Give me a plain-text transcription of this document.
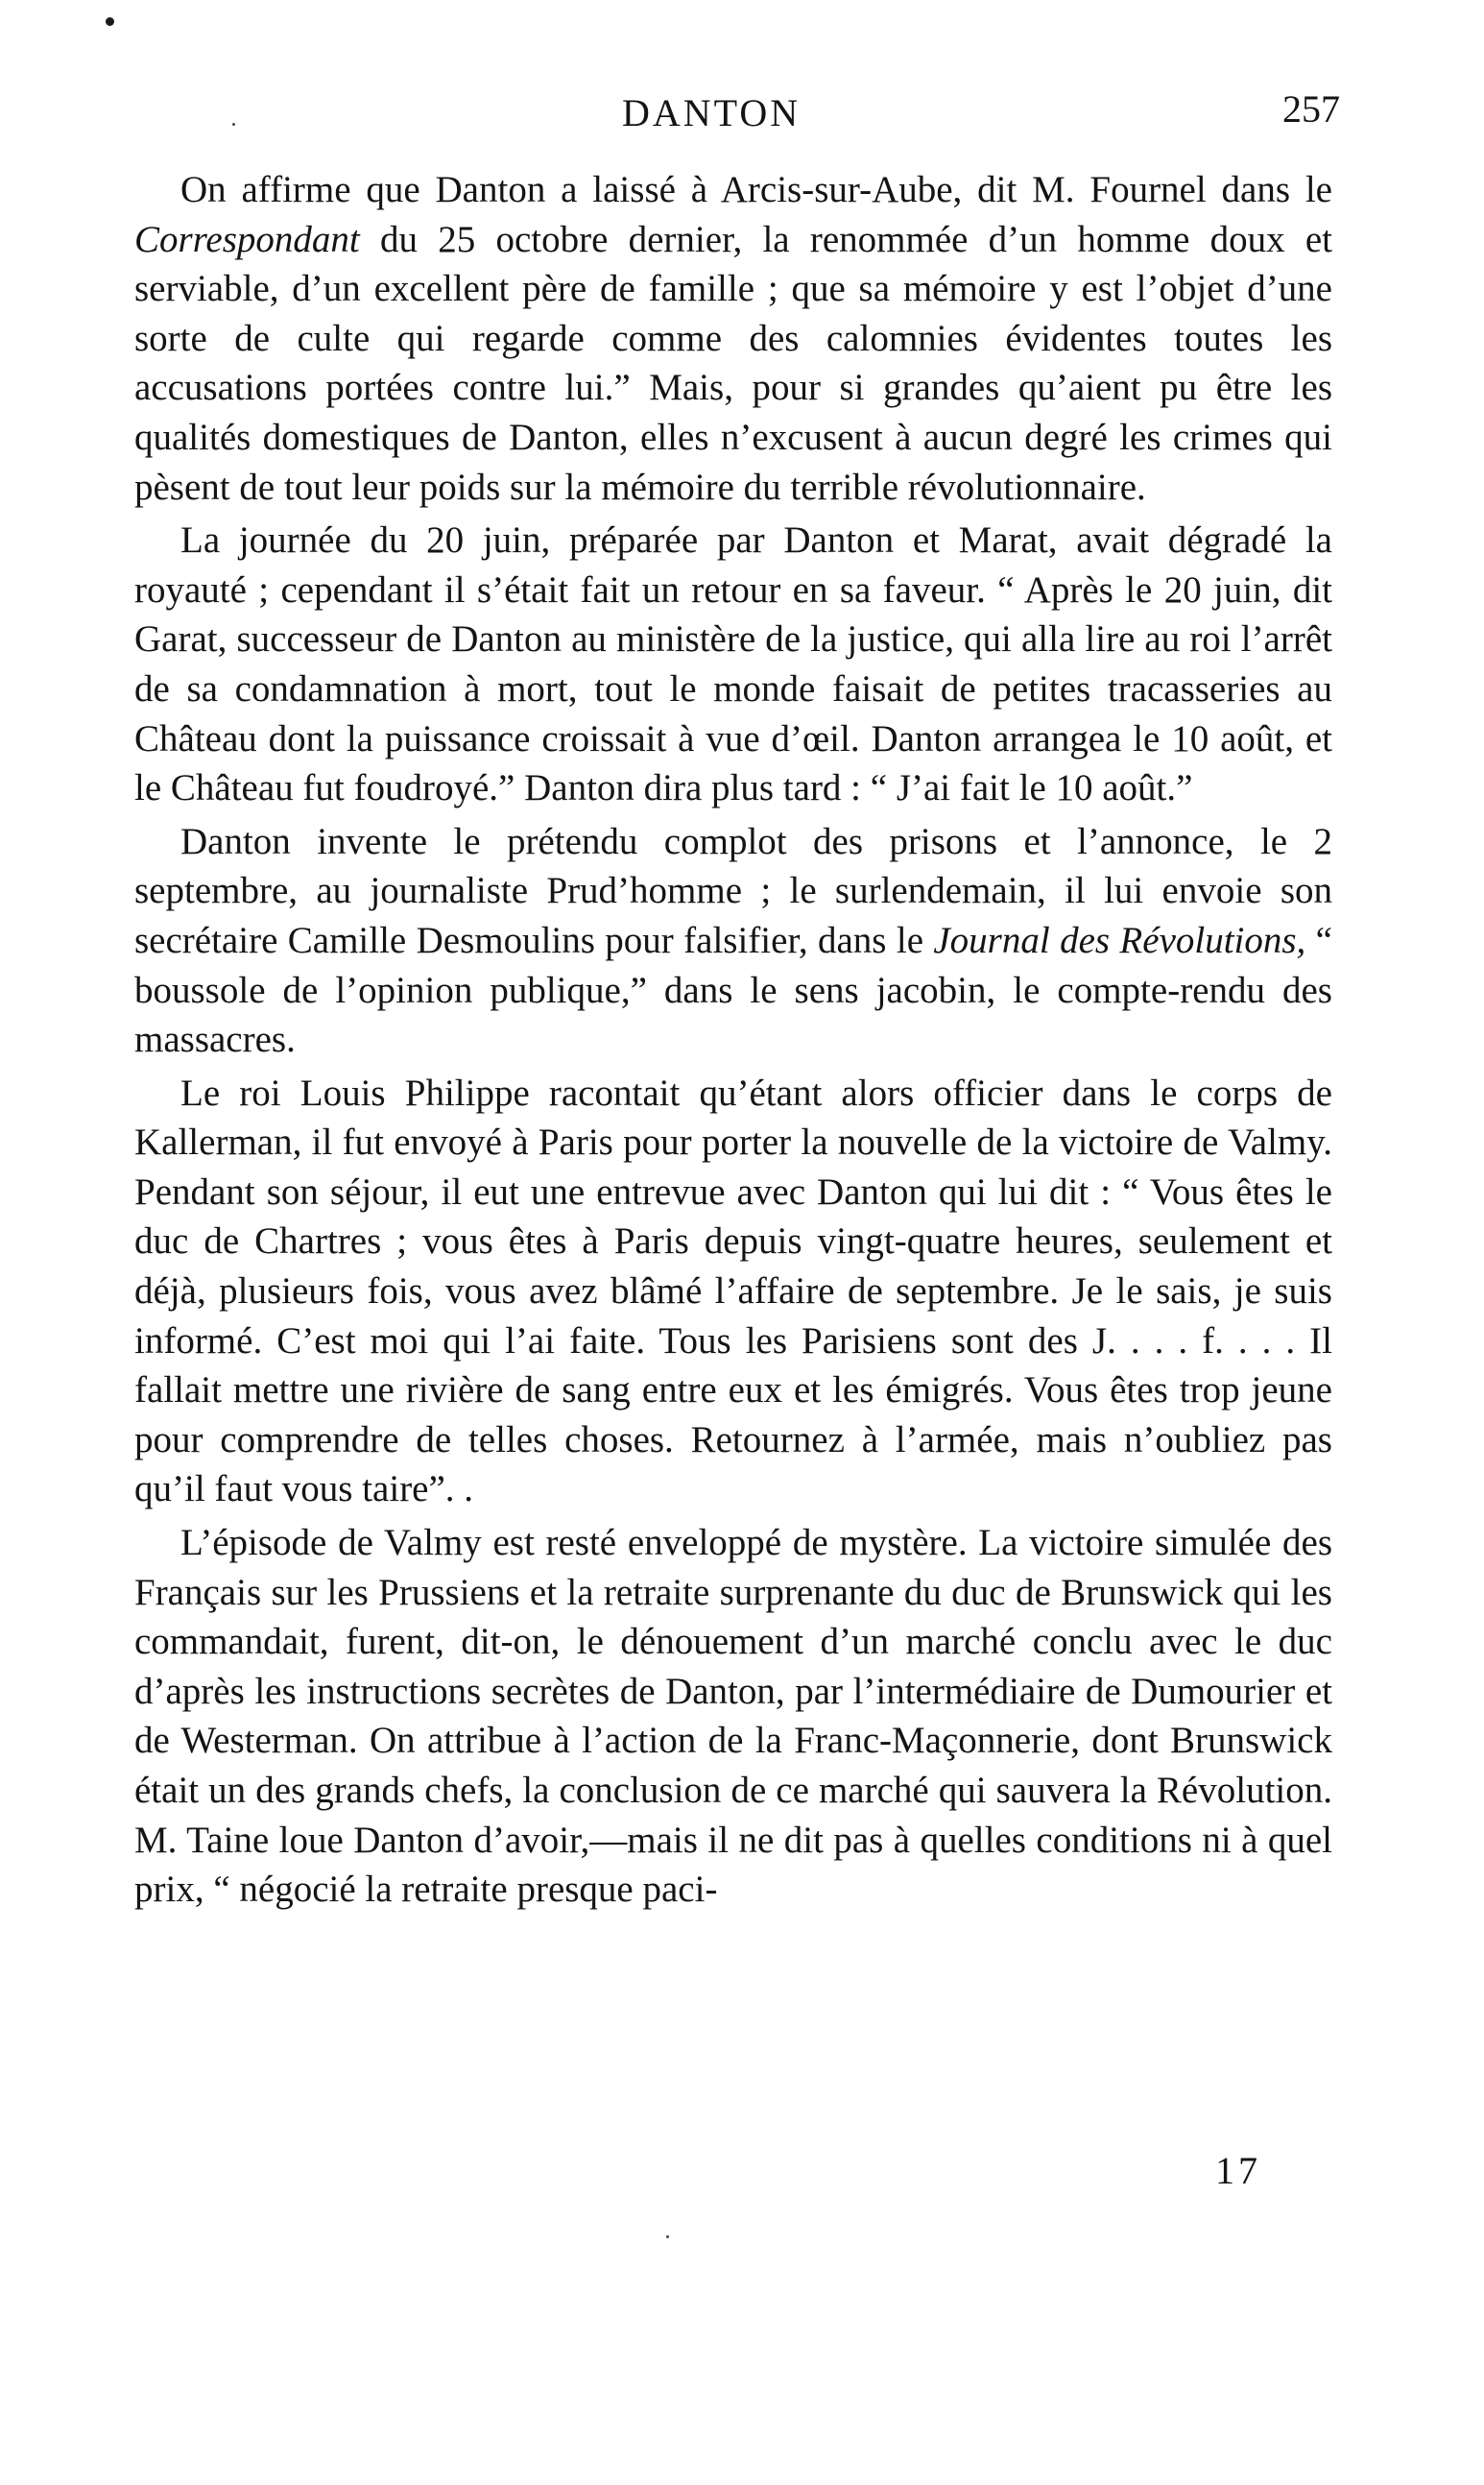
DANTON	257

On affirme que Danton a laissé à Arcis-sur-Aube, dit M. Fournel dans le Correspondant du 25 octobre dernier, la renommée d’un homme doux et serviable, d’un excellent père de famille ; que sa mémoire y est l’objet d’une sorte de culte qui regarde comme des calomnies évidentes toutes les accusations portées contre lui.” Mais, pour si grandes qu’aient pu être les qualités domestiques de Danton, elles n’excusent à aucun degré les crimes qui pèsent de tout leur poids sur la mémoire du terrible révolutionnaire.

La journée du 20 juin, préparée par Danton et Marat, avait dégradé la royauté ; cependant il s’était fait un retour en sa faveur. “ Après le 20 juin, dit Garat, successeur de Danton au ministère de la justice, qui alla lire au roi l’arrêt de sa condamnation à mort, tout le monde faisait de petites tracasseries au Château dont la puissance croissait à vue d’œil. Danton arrangea le 10 août, et le Château fut foudroyé.” Danton dira plus tard : “ J’ai fait le 10 août.”

Danton invente le prétendu complot des prisons et l’annonce, le 2 septembre, au journaliste Prud’homme ; le surlendemain, il lui envoie son secrétaire Camille Desmoulins pour falsifier, dans le Journal des Révolutions, “ boussole de l’opinion publique,” dans le sens jacobin, le compte-rendu des massacres.

Le roi Louis Philippe racontait qu’étant alors officier dans le corps de Kallerman, il fut envoyé à Paris pour porter la nouvelle de la victoire de Valmy. Pendant son séjour, il eut une entrevue avec Danton qui lui dit : “ Vous êtes le duc de Chartres ; vous êtes à Paris depuis vingt-quatre heures, seulement et déjà, plusieurs fois, vous avez blâmé l’affaire de septembre. Je le sais, je suis informé. C’est moi qui l’ai faite. Tous les Parisiens sont des J. . . . f. . . . Il fallait mettre une rivière de sang entre eux et les émigrés. Vous êtes trop jeune pour comprendre de telles choses. Retournez à l’armée, mais n’oubliez pas qu’il faut vous taire”. .

L’épisode de Valmy est resté enveloppé de mystère. La victoire simulée des Français sur les Prussiens et la retraite surprenante du duc de Brunswick qui les commandait, furent, dit-on, le dénouement d’un marché conclu avec le duc d’après les instructions secrètes de Danton, par l’intermédiaire de Dumourier et de Westerman. On attribue à l’action de la Franc-Maçonnerie, dont Brunswick était un des grands chefs, la conclusion de ce marché qui sauvera la Révolution. M. Taine loue Danton d’avoir,—mais il ne dit pas à quelles conditions ni à quel prix, “ négocié la retraite presque paci-

17
